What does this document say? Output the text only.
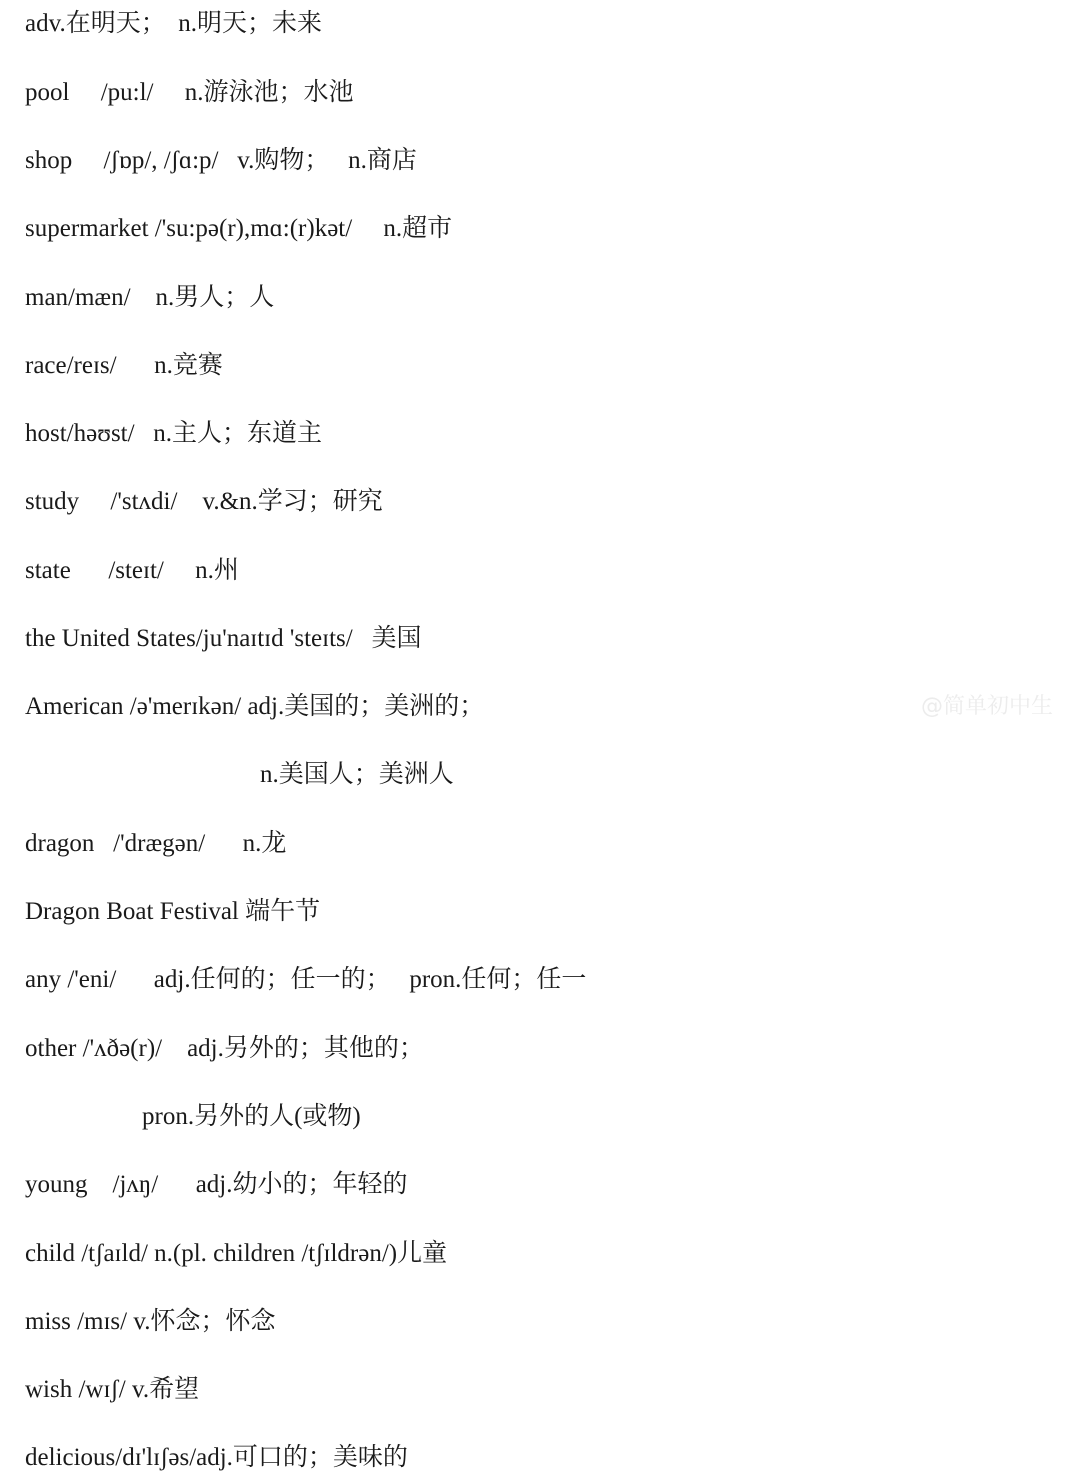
adv.在明天；  n.明天；未来
pool     /pu:l/     n.游泳池；水池
shop     /ʃɒp/, /ʃɑ:p/   v.购物；   n.商店
supermarket /'su:pə(r),mɑ:(r)kət/     n.超市
man/mæn/    n.男人；人
race/reɪs/      n.竞赛
host/həʊst/   n.主人；东道主
study     /'stʌdi/    v.&n.学习；研究
state      /steɪt/     n.州
the United States/ju'naɪtɪd 'steɪts/   美国
American /ə'merɪkən/ adj.美国的；美洲的；
n.美国人；美洲人
dragon   /'drægən/      n.龙
Dragon Boat Festival 端午节
any /'eni/      adj.任何的；任一的；   pron.任何；任一
other /'ʌðə(r)/    adj.另外的；其他的；
pron.另外的人(或物)
young    /jʌŋ/      adj.幼小的；年轻的
child /tʃaɪld/ n.(pl. children /tʃɪldrən/)儿童
miss /mɪs/ v.怀念；怀念
wish /wɪʃ/ v.希望
delicious/dɪ'lɪʃəs/adj.可口的；美味的
@简单初中生
